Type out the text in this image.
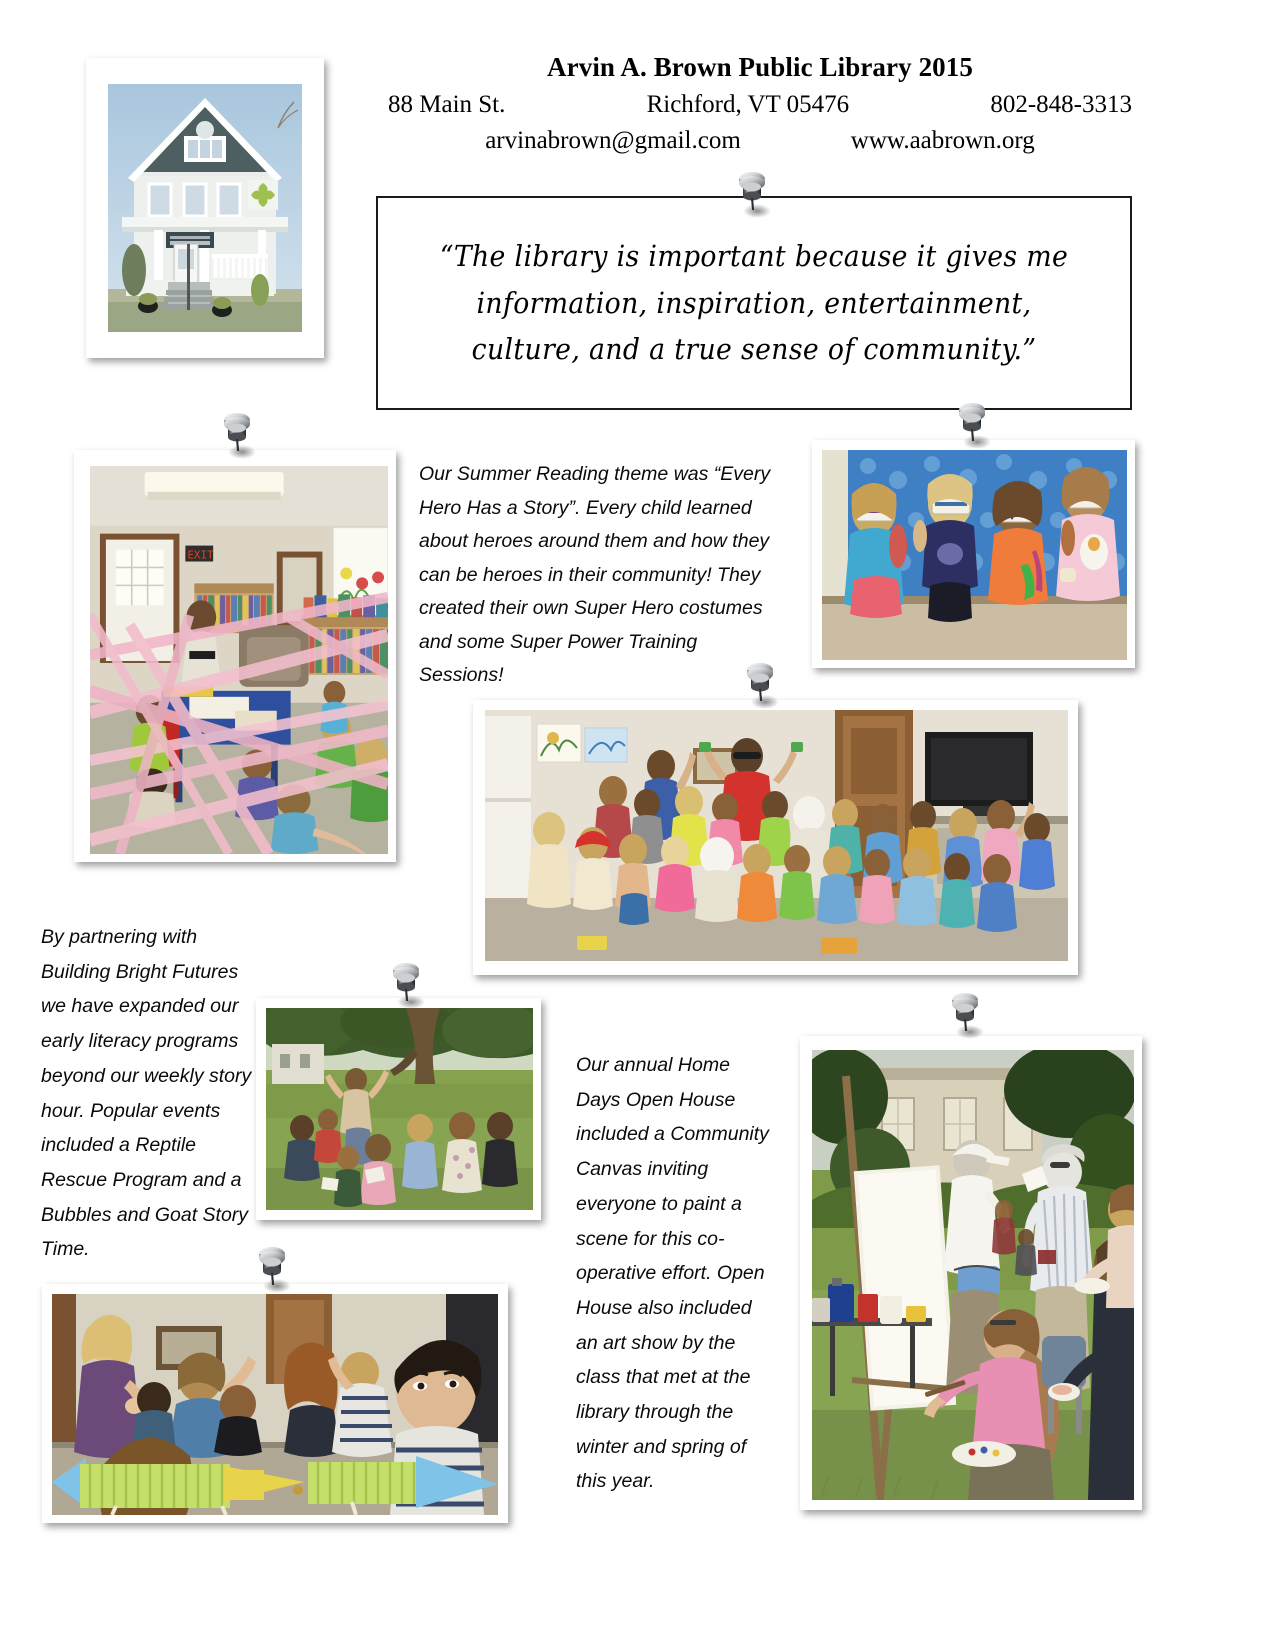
Arvin A. Brown Public Library 2015
88 Main St.	Richford, VT 05476	802-848-3313
arvinabrown@gmail.com	www.aabrown.org
“The library is important because it gives me information, inspiration, entertainment, culture, and a true sense of community.”
EXIT
Our Summer Reading theme was “Every Hero Has a Story”. Every child learned about heroes around them and how they can be heroes in their community! They created their own Super Hero costumes and some Super Power Training Sessions!
By partnering with Building Bright Futures we have expanded our early literacy programs beyond our weekly story hour. Popular events included a Reptile Rescue Program and a Bubbles and Goat Story Time.
Our annual Home Days Open House included a Community Canvas inviting everyone to paint a scene for this co-operative effort. Open House also included an art show by the class that met at the library through the winter and spring of this year.
